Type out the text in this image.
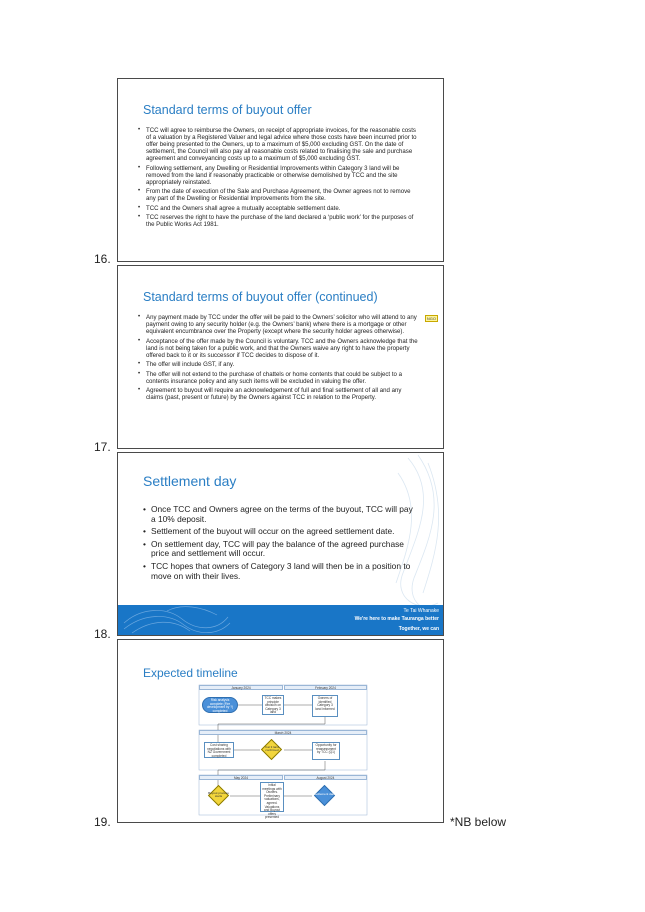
Standard terms of buyout offer
• TCC will agree to reimburse the Owners, on receipt of appropriate invoices, for the reasonable costs of a valuation by a Registered Valuer and legal advice where those costs have been incurred prior to offer being presented to the Owners, up to a maximum of $5,000 excluding GST. On the date of settlement, the Council will also pay all reasonable costs related to finalising the sale and purchase agreement and conveyancing costs up to a maximum of $5,000 excluding GST.
• Following settlement, any Dwelling or Residential Improvements within Category 3 land will be removed from the land if reasonably practicable or otherwise demolished by TCC and the site appropriately reinstated.
• From the date of execution of the Sale and Purchase Agreement, the Owner agrees not to remove any part of the Dwelling or Residential Improvements from the site.
• TCC and the Owners shall agree a mutually acceptable settlement date.
• TCC reserves the right to have the purchase of the land declared a ‘public work’ for the purposes of the Public Works Act 1981.
16.
Standard terms of buyout offer (continued)
• Any payment made by TCC under the offer will be paid to the Owners’ solicitor who will attend to any payment owing to any security holder (e.g. the Owners’ bank) where there is a mortgage or other equivalent encumbrance over the Property (except where the security holder agrees otherwise).
NGO
• Acceptance of the offer made by the Council is voluntary. TCC and the Owners acknowledge that the land is not being taken for a public work, and that the Owners waive any right to have the property offered back to it or its successor if TCC decides to dispose of it.
• The offer will include GST, if any.
• The offer will not extend to the purchase of chattels or home contents that could be subject to a contents insurance policy and any such items will be excluded in valuing the offer.
• Agreement to buyout will require an acknowledgement of full and final settlement of all and any claims (past, present or future) by the Owners against TCC in relation to the Property.
17.
Settlement day
• Once TCC and Owners agree on the terms of the buyout, TCC will pay a 10% deposit.
• Settlement of the buyout will occur on the agreed settlement date.
• On settlement day, TCC will pay the balance of the agreed purchase price and settlement will occur.
• TCC hopes that owners of Category 3 land will then be in a position to move on with their lives.
Te Tai Whanake
We're here to make Tauranga better
Together, we can
18.
Expected timeline
January 2024	February 2024
March 2024
May 2024	August 2024
Risk analysis complete (Fire development by ?) completed
TCC makes principle decision on Category 3 land
Owners of identified Category 3 land informed
Cost sharing negotiations with NZ Government completed
Cat 3 land confirmed
Opportunity for reassessment by TCC (Q1)
Buyout process starts
Initial meetings with Owners. Preliminary valuations, agreed. Valuations and Buyout offers presented
Settlement date
19.	*NB below
